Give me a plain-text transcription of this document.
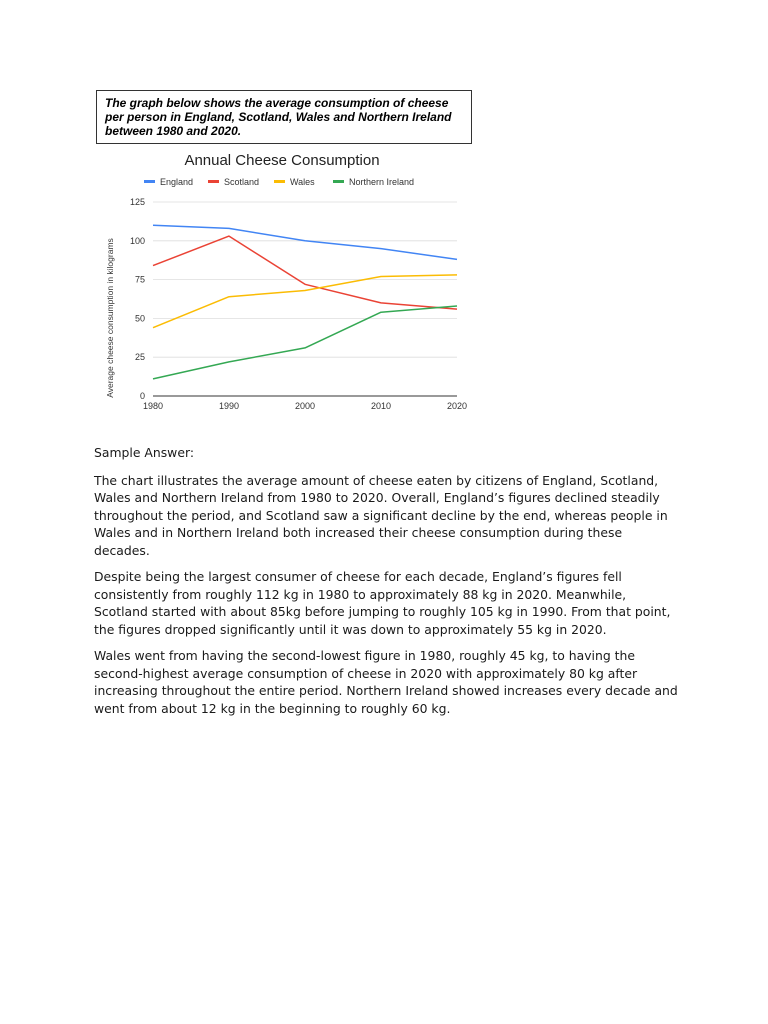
The graph below shows the average consumption of cheese per person in England, Scotland, Wales and Northern Ireland between 1980 and 2020.
Annual Cheese Consumption
England	Scotland	Wales	Northern Ireland
0
25
50
75
100
125
1980	1990	2000	2010	2020
Average cheese consumption in kilograms

Sample Answer:

The chart illustrates the average amount of cheese eaten by citizens of England, Scotland, Wales and Northern Ireland from 1980 to 2020. Overall, England’s figures declined steadily throughout the period, and Scotland saw a significant decline by the end, whereas people in Wales and in Northern Ireland both increased their cheese consumption during these decades.

Despite being the largest consumer of cheese for each decade, England’s figures fell consistently from roughly 112 kg in 1980 to approximately 88 kg in 2020. Meanwhile, Scotland started with about 85kg before jumping to roughly 105 kg in 1990. From that point, the figures dropped significantly until it was down to approximately 55 kg in 2020.

Wales went from having the second-lowest figure in 1980, roughly 45 kg, to having the second-highest average consumption of cheese in 2020 with approximately 80 kg after increasing throughout the entire period. Northern Ireland showed increases every decade and went from about 12 kg in the beginning to roughly 60 kg.
